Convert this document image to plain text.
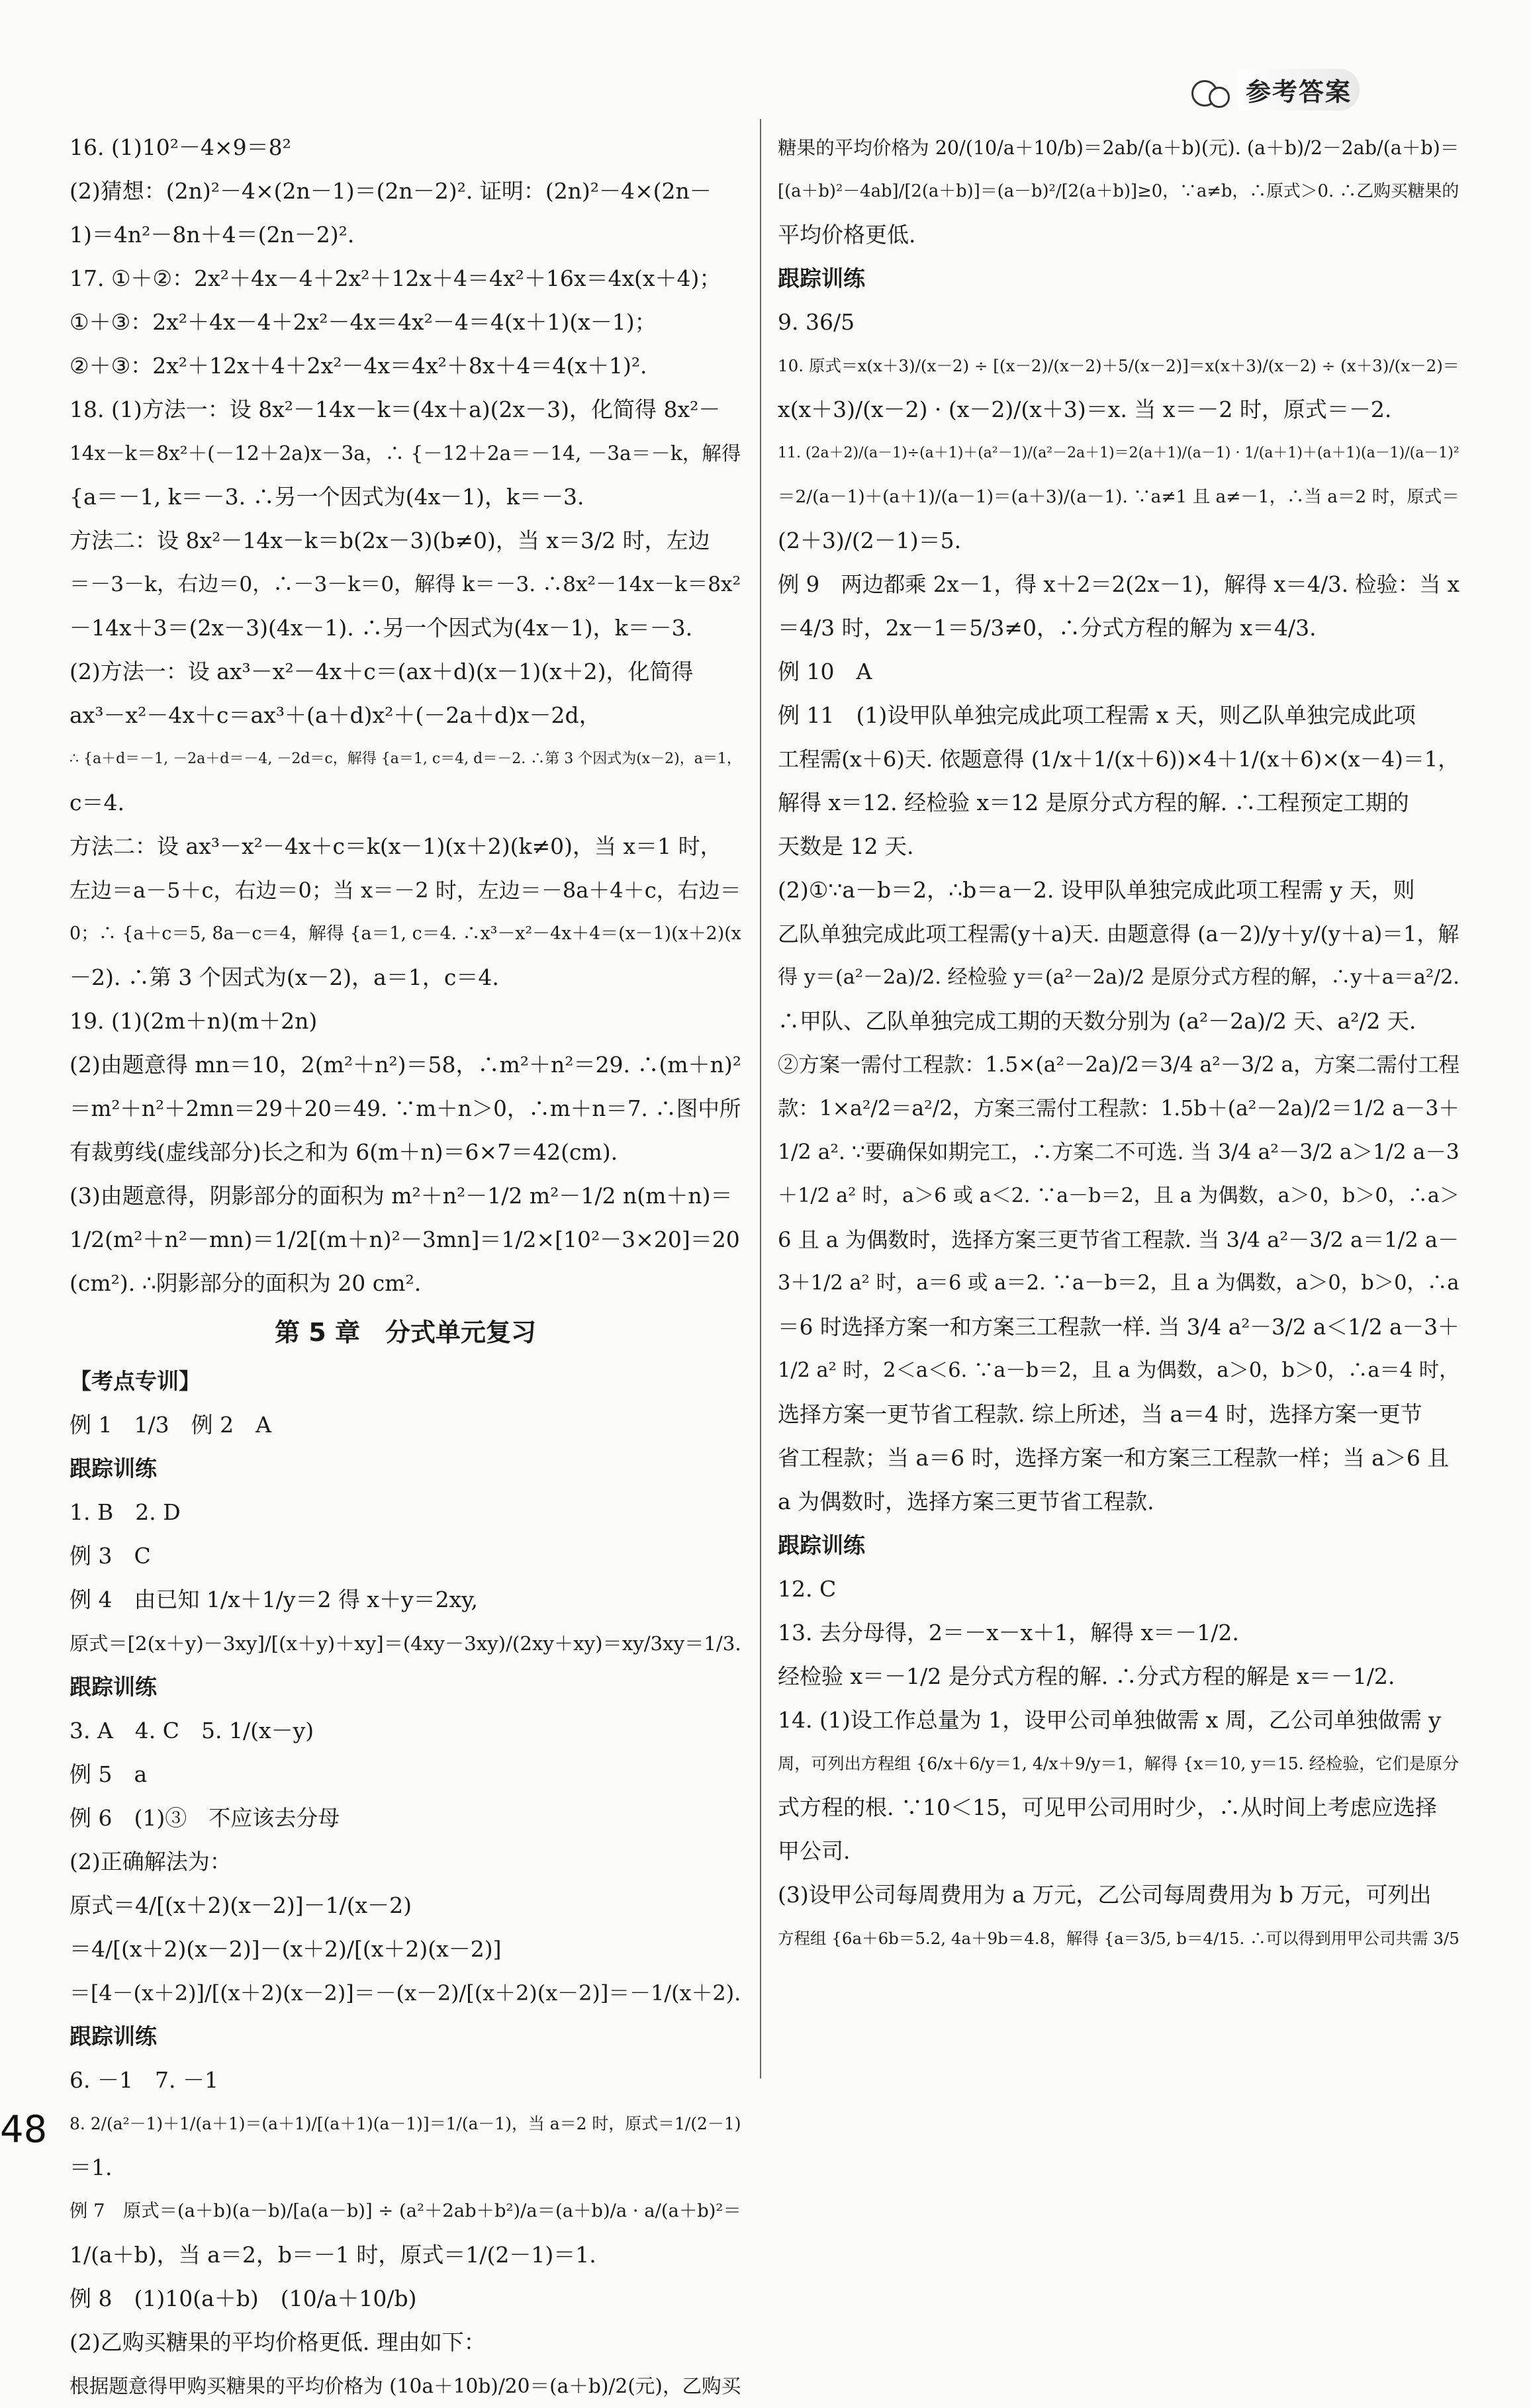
参考答案
16. (1)10²－4×9＝8²
(2)猜想：(2n)²－4×(2n－1)＝(2n－2)². 证明：(2n)²－4×(2n－
1)＝4n²－8n＋4＝(2n－2)².
17. ①＋②：2x²＋4x－4＋2x²＋12x＋4＝4x²＋16x＝4x(x＋4)；
①＋③：2x²＋4x－4＋2x²－4x＝4x²－4＝4(x＋1)(x－1)；
②＋③：2x²＋12x＋4＋2x²－4x＝4x²＋8x＋4＝4(x＋1)².
18. (1)方法一：设 8x²－14x－k＝(4x＋a)(2x－3)，化简得 8x²－
14x－k＝8x²＋(－12＋2a)x－3a，∴ {－12＋2a＝－14, －3a＝－k，解得
{a＝－1, k＝－3. ∴另一个因式为(4x－1)，k＝－3.
方法二：设 8x²－14x－k＝b(2x－3)(b≠0)，当 x＝3/2 时，左边
＝－3－k，右边＝0，∴－3－k＝0，解得 k＝－3. ∴8x²－14x－k＝8x²
－14x＋3＝(2x－3)(4x－1). ∴另一个因式为(4x－1)，k＝－3.
(2)方法一：设 ax³－x²－4x＋c＝(ax＋d)(x－1)(x＋2)，化简得
ax³－x²－4x＋c＝ax³＋(a＋d)x²＋(－2a＋d)x－2d，
∴ {a＋d＝－1, －2a＋d＝－4, －2d＝c，解得 {a＝1, c＝4, d＝－2. ∴第 3 个因式为(x－2)，a＝1，
c＝4.
方法二：设 ax³－x²－4x＋c＝k(x－1)(x＋2)(k≠0)，当 x＝1 时，
左边＝a－5＋c，右边＝0；当 x＝－2 时，左边＝－8a＋4＋c，右边＝
0；∴ {a＋c＝5, 8a－c＝4，解得 {a＝1, c＝4. ∴x³－x²－4x＋4＝(x－1)(x＋2)(x
－2). ∴第 3 个因式为(x－2)，a＝1，c＝4.
19. (1)(2m＋n)(m＋2n)
(2)由题意得 mn＝10，2(m²＋n²)＝58，∴m²＋n²＝29. ∴(m＋n)²
＝m²＋n²＋2mn＝29＋20＝49. ∵m＋n＞0，∴m＋n＝7. ∴图中所
有裁剪线(虚线部分)长之和为 6(m＋n)＝6×7＝42(cm).
(3)由题意得，阴影部分的面积为 m²＋n²－1/2 m²－1/2 n(m＋n)＝
1/2(m²＋n²－mn)＝1/2[(m＋n)²－3mn]＝1/2×[10²－3×20]＝20
(cm²). ∴阴影部分的面积为 20 cm².
第 5 章　分式单元复习
【考点专训】
例 1　1/3　例 2　A
跟踪训练
1. B　2. D
例 3　C
例 4　由已知 1/x＋1/y＝2 得 x＋y＝2xy,
原式＝[2(x＋y)－3xy]/[(x＋y)＋xy]＝(4xy－3xy)/(2xy＋xy)＝xy/3xy＝1/3.
跟踪训练
3. A　4. C　5. 1/(x－y)
例 5　a
例 6　(1)③　不应该去分母
(2)正确解法为：
原式＝4/[(x＋2)(x－2)]－1/(x－2)
＝4/[(x＋2)(x－2)]－(x＋2)/[(x＋2)(x－2)]
＝[4－(x＋2)]/[(x＋2)(x－2)]＝－(x－2)/[(x＋2)(x－2)]＝－1/(x＋2).
跟踪训练
6. －1　7. －1
8. 2/(a²－1)＋1/(a＋1)＝(a＋1)/[(a＋1)(a－1)]＝1/(a－1)，当 a＝2 时，原式＝1/(2－1)
＝1.
例 7　原式＝(a＋b)(a－b)/[a(a－b)] ÷ (a²＋2ab＋b²)/a＝(a＋b)/a · a/(a＋b)²＝
1/(a＋b)，当 a＝2，b＝－1 时，原式＝1/(2－1)＝1.
例 8　(1)10(a＋b)　(10/a＋10/b)
(2)乙购买糖果的平均价格更低. 理由如下：
根据题意得甲购买糖果的平均价格为 (10a＋10b)/20＝(a＋b)/2(元)，乙购买
糖果的平均价格为 20/(10/a＋10/b)＝2ab/(a＋b)(元). (a＋b)/2－2ab/(a＋b)＝
[(a＋b)²－4ab]/[2(a＋b)]＝(a－b)²/[2(a＋b)]≥0，∵a≠b，∴原式＞0. ∴乙购买糖果的
平均价格更低.
跟踪训练
9. 36/5
10. 原式＝x(x＋3)/(x－2) ÷ [(x－2)/(x－2)＋5/(x－2)]＝x(x＋3)/(x－2) ÷ (x＋3)/(x－2)＝
x(x＋3)/(x－2) · (x－2)/(x＋3)＝x. 当 x＝－2 时，原式＝－2.
11. (2a＋2)/(a－1)÷(a＋1)＋(a²－1)/(a²－2a＋1)＝2(a＋1)/(a－1) · 1/(a＋1)＋(a＋1)(a－1)/(a－1)²
＝2/(a－1)＋(a＋1)/(a－1)＝(a＋3)/(a－1). ∵a≠1 且 a≠－1，∴当 a＝2 时，原式＝
(2＋3)/(2－1)＝5.
例 9　两边都乘 2x－1，得 x＋2＝2(2x－1)，解得 x＝4/3. 检验：当 x
＝4/3 时，2x－1＝5/3≠0，∴分式方程的解为 x＝4/3.
例 10　A
例 11　(1)设甲队单独完成此项工程需 x 天，则乙队单独完成此项
工程需(x＋6)天. 依题意得 (1/x＋1/(x＋6))×4＋1/(x＋6)×(x－4)＝1，
解得 x＝12. 经检验 x＝12 是原分式方程的解. ∴工程预定工期的
天数是 12 天.
(2)①∵a－b＝2，∴b＝a－2. 设甲队单独完成此项工程需 y 天，则
乙队单独完成此项工程需(y＋a)天. 由题意得 (a－2)/y＋y/(y＋a)＝1，解
得 y＝(a²－2a)/2. 经检验 y＝(a²－2a)/2 是原分式方程的解，∴y＋a＝a²/2.
∴甲队、乙队单独完成工期的天数分别为 (a²－2a)/2 天、a²/2 天.
②方案一需付工程款：1.5×(a²－2a)/2＝3/4 a²－3/2 a，方案二需付工程
款：1×a²/2＝a²/2，方案三需付工程款：1.5b＋(a²－2a)/2＝1/2 a－3＋
1/2 a². ∵要确保如期完工，∴方案二不可选. 当 3/4 a²－3/2 a＞1/2 a－3
＋1/2 a² 时，a＞6 或 a＜2. ∵a－b＝2，且 a 为偶数，a＞0，b＞0，∴a＞
6 且 a 为偶数时，选择方案三更节省工程款. 当 3/4 a²－3/2 a＝1/2 a－
3＋1/2 a² 时，a＝6 或 a＝2. ∵a－b＝2，且 a 为偶数，a＞0，b＞0，∴a
＝6 时选择方案一和方案三工程款一样. 当 3/4 a²－3/2 a＜1/2 a－3＋
1/2 a² 时，2＜a＜6. ∵a－b＝2，且 a 为偶数，a＞0，b＞0，∴a＝4 时，
选择方案一更节省工程款. 综上所述，当 a＝4 时，选择方案一更节
省工程款；当 a＝6 时，选择方案一和方案三工程款一样；当 a＞6 且
a 为偶数时，选择方案三更节省工程款.
跟踪训练
12. C
13. 去分母得，2＝－x－x＋1，解得 x＝－1/2.
经检验 x＝－1/2 是分式方程的解. ∴分式方程的解是 x＝－1/2.
14. (1)设工作总量为 1，设甲公司单独做需 x 周，乙公司单独做需 y
周，可列出方程组 {6/x＋6/y＝1, 4/x＋9/y＝1，解得 {x＝10, y＝15. 经检验，它们是原分
式方程的根. ∵10＜15，可见甲公司用时少，∴从时间上考虑应选择
甲公司.
(3)设甲公司每周费用为 a 万元，乙公司每周费用为 b 万元，可列出
方程组 {6a＋6b＝5.2, 4a＋9b＝4.8，解得 {a＝3/5, b＝4/15. ∴可以得到用甲公司共需 3/5
48
